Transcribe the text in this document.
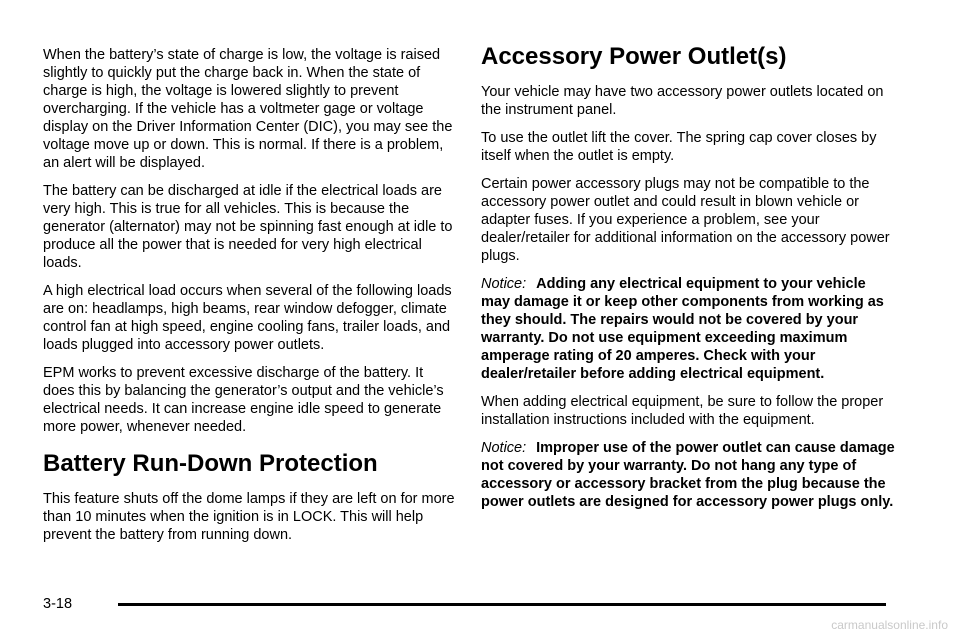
When the battery’s state of charge is low, the voltage is raised slightly to quickly put the charge back in. When the state of charge is high, the voltage is lowered slightly to prevent overcharging. If the vehicle has a voltmeter gage or voltage display on the Driver Information Center (DIC), you may see the voltage move up or down. This is normal. If there is a problem, an alert will be displayed.

The battery can be discharged at idle if the electrical loads are very high. This is true for all vehicles. This is because the generator (alternator) may not be spinning fast enough at idle to produce all the power that is needed for very high electrical loads.

A high electrical load occurs when several of the following loads are on: headlamps, high beams, rear window defogger, climate control fan at high speed, engine cooling fans, trailer loads, and loads plugged into accessory power outlets.

EPM works to prevent excessive discharge of the battery. It does this by balancing the generator’s output and the vehicle’s electrical needs. It can increase engine idle speed to generate more power, whenever needed.

Battery Run-Down Protection

This feature shuts off the dome lamps if they are left on for more than 10 minutes when the ignition is in LOCK. This will help prevent the battery from running down.

Accessory Power Outlet(s)

Your vehicle may have two accessory power outlets located on the instrument panel.

To use the outlet lift the cover. The spring cap cover closes by itself when the outlet is empty.

Certain power accessory plugs may not be compatible to the accessory power outlet and could result in blown vehicle or adapter fuses. If you experience a problem, see your dealer/retailer for additional information on the accessory power plugs.

Notice: Adding any electrical equipment to your vehicle may damage it or keep other components from working as they should. The repairs would not be covered by your warranty. Do not use equipment exceeding maximum amperage rating of 20 amperes. Check with your dealer/retailer before adding electrical equipment.

When adding electrical equipment, be sure to follow the proper installation instructions included with the equipment.

Notice: Improper use of the power outlet can cause damage not covered by your warranty. Do not hang any type of accessory or accessory bracket from the plug because the power outlets are designed for accessory power plugs only.

3-18
carmanualsonline.info
